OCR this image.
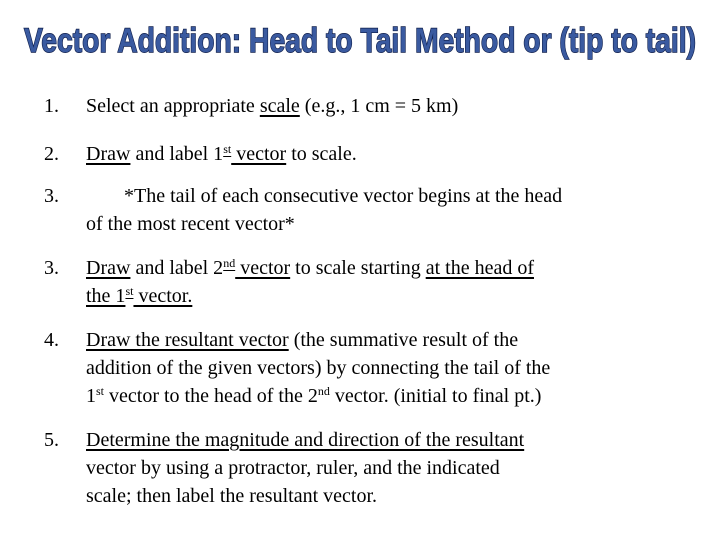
Vector Addition: Head to Tail Method or (tip to tail)
1. Select an appropriate scale (e.g., 1 cm = 5 km)
2. Draw and label 1st vector to scale.
3.	*The tail of each consecutive vector begins at the head
of the most recent vector*
3. Draw and label 2nd vector to scale starting at the head of
the 1st vector.
4. Draw the resultant vector (the summative result of the
addition of the given vectors) by connecting the tail of the
1st vector to the head of the 2nd vector. (initial to final pt.)
5. Determine the magnitude and direction of the resultant
vector by using a protractor, ruler, and the indicated
scale; then label the resultant vector.
